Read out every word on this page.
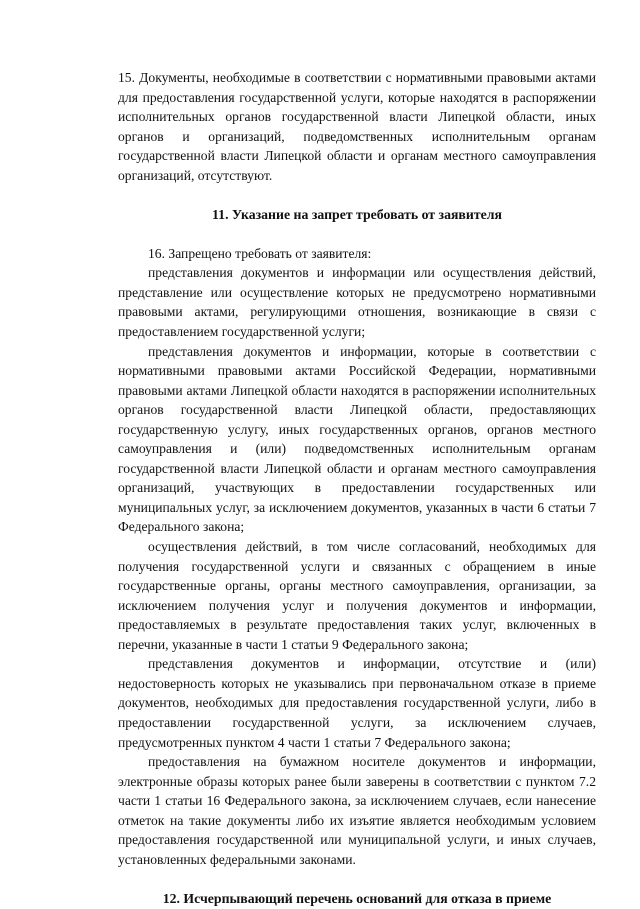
15. Документы, необходимые в соответствии с нормативными правовыми актами для предоставления государственной услуги, которые находятся в распоряжении исполнительных органов государственной власти Липецкой области, иных органов и организаций, подведомственных исполнительным органам государственной власти Липецкой области и органам местного самоуправления организаций, отсутствуют.

11. Указание на запрет требовать от заявителя

16. Запрещено требовать от заявителя:

представления документов и информации или осуществления действий, представление или осуществление которых не предусмотрено нормативными правовыми актами, регулирующими отношения, возникающие в связи с предоставлением государственной услуги;

представления документов и информации, которые в соответствии с нормативными правовыми актами Российской Федерации, нормативными правовыми актами Липецкой области находятся в распоряжении исполнительных органов государственной власти Липецкой области, предоставляющих государственную услугу, иных государственных органов, органов местного самоуправления и (или) подведомственных исполнительным органам государственной власти Липецкой области и органам местного самоуправления организаций, участвующих в предоставлении государственных или муниципальных услуг, за исключением документов, указанных в части 6 статьи 7 Федерального закона;

осуществления действий, в том числе согласований, необходимых для получения государственной услуги и связанных с обращением в иные государственные органы, органы местного самоуправления, организации, за исключением получения услуг и получения документов и информации, предоставляемых в результате предоставления таких услуг, включенных в перечни, указанные в части 1 статьи 9 Федерального закона;

представления документов и информации, отсутствие и (или) недостоверность которых не указывались при первоначальном отказе в приеме документов, необходимых для предоставления государственной услуги, либо в предоставлении государственной услуги, за исключением случаев, предусмотренных пунктом 4 части 1 статьи 7 Федерального закона;

предоставления на бумажном носителе документов и информации, электронные образы которых ранее были заверены в соответствии с пунктом 7.2 части 1 статьи 16 Федерального закона, за исключением случаев, если нанесение отметок на такие документы либо их изъятие является необходимым условием предоставления государственной или муниципальной услуги, и иных случаев, установленных федеральными законами.

12. Исчерпывающий перечень оснований для отказа в приеме
